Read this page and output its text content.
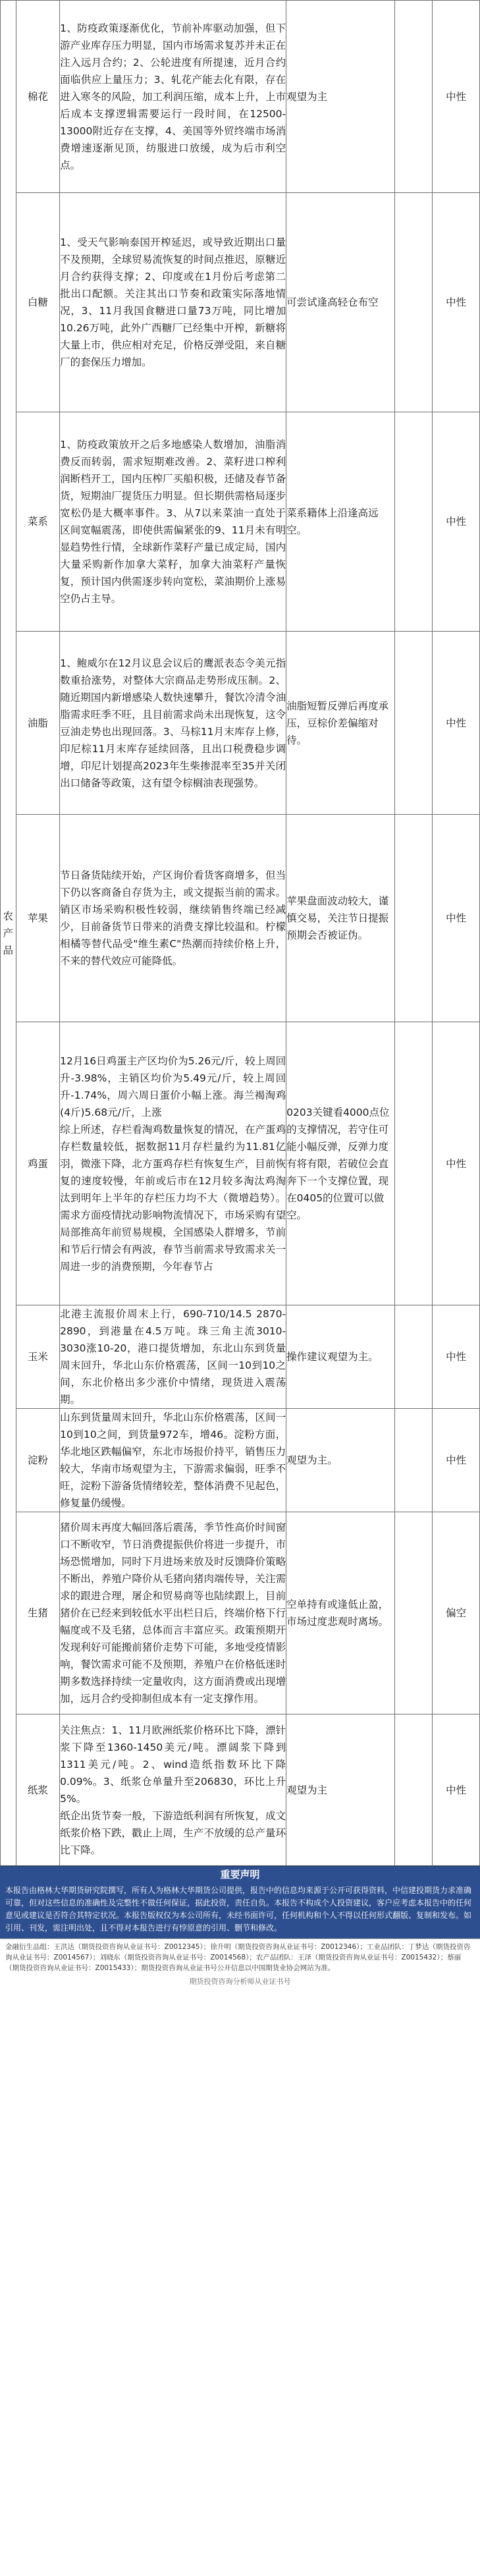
农产品	棉花	1、防疫政策逐渐优化，节前补库驱动加强，但下游产业库存压力明显，国内市场需求复苏并未正在注入远月合约；2、公轮进度有所提速，近月合约面临供应上量压力；3、轧花产能去化有限，存在进入寒冬的风险，加工利润压缩，成本上升，上市后成本支撑逻辑需要运行一段时间，在12500-13000附近存在支撑，4、美国等外贸终端市场消费增速逐渐见顶，纺服进口放缓，成为后市利空点。	观望为主		中性
	白糖	1、受天气影响泰国开榨延迟，或导致近期出口量不及预期，全球贸易流恢复的时间点推迟，原糖近月合约获得支撑；2、印度或在1月份后考虑第二批出口配额。关注其出口节奏和政策实际落地情况，3、11月我国食糖进口量73万吨，同比增加10.26万吨，此外广西糖厂已经集中开榨，新糖将大量上市，供应相对充足，价格反弹受阻，来自糖厂的套保压力增加。	可尝试逢高轻仓布空		中性
	菜系	1、防疫政策放开之后多地感染人数增加，油脂消费反而转弱，需求短期难改善。2、菜籽进口榨利润断档开工，国内压榨厂买船积极，还储及春节备货，短期油厂提货压力明显。但长期供需格局逐步宽松仍是大概率事件。3、从7以来菜油一直处于区间宽幅震荡，即使供需偏紧张的9、11月未有明显趋势性行情，全球新作菜籽产量已成定局，国内大量采购新作加拿大菜籽，加拿大油菜籽产量恢复，预计国内供需逐步转向宽松，菜油期价上涨易空仍占主导。	菜系籍体上沿逢高远空。		中性
	油脂	1、鲍威尔在12月议息会议后的鹰派表态令美元指数重拾涨势，对整体大宗商品走势形成压制。2、随近期国内新增感染人数快速攀升，餐饮冷清令油脂需求旺季不旺，且目前需求尚未出现恢复，这令豆油走势也出现回落。3、马棕11月末库存上修，印尼棕11月末库存延续回落，且出口税费稳步调增，印尼计划提高2023年生柴掺混率至35并关闭出口储备等政策，这有望令棕榈油表现强势。	油脂短暂反弹后再度承压，豆棕价差偏缩对待。		中性
	苹果	节日备货陆续开始，产区询价看货客商增多，但当下仍以客商备自存货为主，或文提振当前的需求。销区市场采购积极性较弱，继续销售终端已经减少，目前备货节日带来的消费支撑比较温和。柠檬相橘等替代品受"维生素C"热潮而持续价格上升，不来的替代效应可能降低。	苹果盘面波动较大，谨慎交易，关注节日提振预期会否被证伪。		中性
	鸡蛋	12月16日鸡蛋主产区均价为5.26元/斤，较上周回升-3.98%，主销区均价为5.49元/斤，较上周回升-1.74%，周六周日蛋价小幅上涨。海兰褐淘鸡(4斤)5.68元/斤，上涨
综上所述，存栏看淘鸡数量恢复的情况，在产蛋鸡存栏数量较低，据数据11月存栏量约为11.81亿羽，微涨下降，北方蛋鸡存栏有恢复生产，目前恢复的速度较慢，年前或后市在12月较多淘汰鸡淘汰到明年上半年的存栏压力均不大（微增趋势）。需求方面疫情扰动影响物流情况下，市场采购有望局部推高年前贸易规模，全国感染人群增多，节前和节后行情会有两波，春节当前需求导致需求关一周进一步的消费预期，今年春节占	0203关键看4000点位的支撑情况，若守住可能小幅反弹，反弹力度有将有限，若破位会直奔下一个支撑位置，现在0405的位置可以做空。		中性
	玉米	北港主流报价周末上行，690-710/14.5 2870-2890，到港量在4.5万吨。珠三角主流3010-3030涨10-20，港口提货增加，东北山东到货量周末回升，华北山东价格震荡，区间一10到10之间，东北价格出多少涨价中情绪，现货进入震荡期。	操作建议观望为主。		中性
	淀粉	山东到货量周末回升，华北山东价格震荡，区间一10到10之间，到货量972车，增46。淀粉方面，华北地区跌幅偏窄，东北市场报价持平，销售压力较大，华南市场观望为主，下游需求偏弱，旺季不旺，淀粉下游备货情绪较差，整体消费不见起色，修复量仍缓慢。	观望为主。		中性
	生猪	猪价周末再度大幅回落后震荡，季节性高价时间窗口不断收窄，节日消费提振供价将进一步提升，市场恐慌增加，同时下月进场来放及时反馈降价策略不断出，养殖户降价从毛猪向猪肉端传导，关注需求的跟进合理，屠企和贸易商等也陆续跟上，目前猪价在已经来到较低水平出栏日后，终端价格下行幅度或不及毛猪，总体而言丰富应买。政策预期开发现利好可能搬前猪价走势下可能，多地受疫情影响，餐饮需求可能不及预期，养殖户在价格低迷时期多数选择持续一定量收肉，这方面消费或出现增加，远月合约受抑制但成本有一定支撑作用。	空单持有或逢低止盈，市场过度悲观时离场。		偏空
	纸浆	关注焦点：1、11月欧洲纸浆价格环比下降，漂针浆下降至1360-1450美元/吨。漂阔浆下降到1311美元/吨。2、wind造纸指数环比下降0.09%。3、纸浆仓单量升至206830，环比上升5%。
纸企出货节奏一般，下游造纸利润有所恢复，成文纸浆价格下跌，戳止上周，生产不放缓的总产量环比下降。	观望为主		中性
重要声明
本报告由格林大华期货研究院撰写，所有人为格林大华期货公司提供，报告中的信息均来源于公开可获得资料，中信建投期货力求准确可靠，但对这些信息的准确性及完整性不做任何保证，据此投资，责任自负。本报告不构成个人投资建议，客户应考虑本报告中的任何意见或建议是否符合其特定状况。本报告版权仅为本公司所有，未经书面许可，任何机构和个人不得以任何形式翻版、复制和发布。如引用、刊发，需注明出处，且不得对本报告进行有悖原意的引用、删节和修改。
金融衍生品组：王洪达（期货投资咨询从业证书号：Z0012345）；徐升明（期货投资咨询从业证书号：Z0012346）；工业品团队：丁梦达（期货投资咨询从业证书号：Z0014567）；刘晓东（期货投资咨询从业证书号：Z0014568）；农产品团队：王泽（期货投资咨询从业证书号：Z0015432）；蔡丽（期货投资咨询从业证书号：Z0015433）；期货投资咨询从业证书号公开信息以中国期货业协会网站为准。
期货投资咨询分析师从业证书号
